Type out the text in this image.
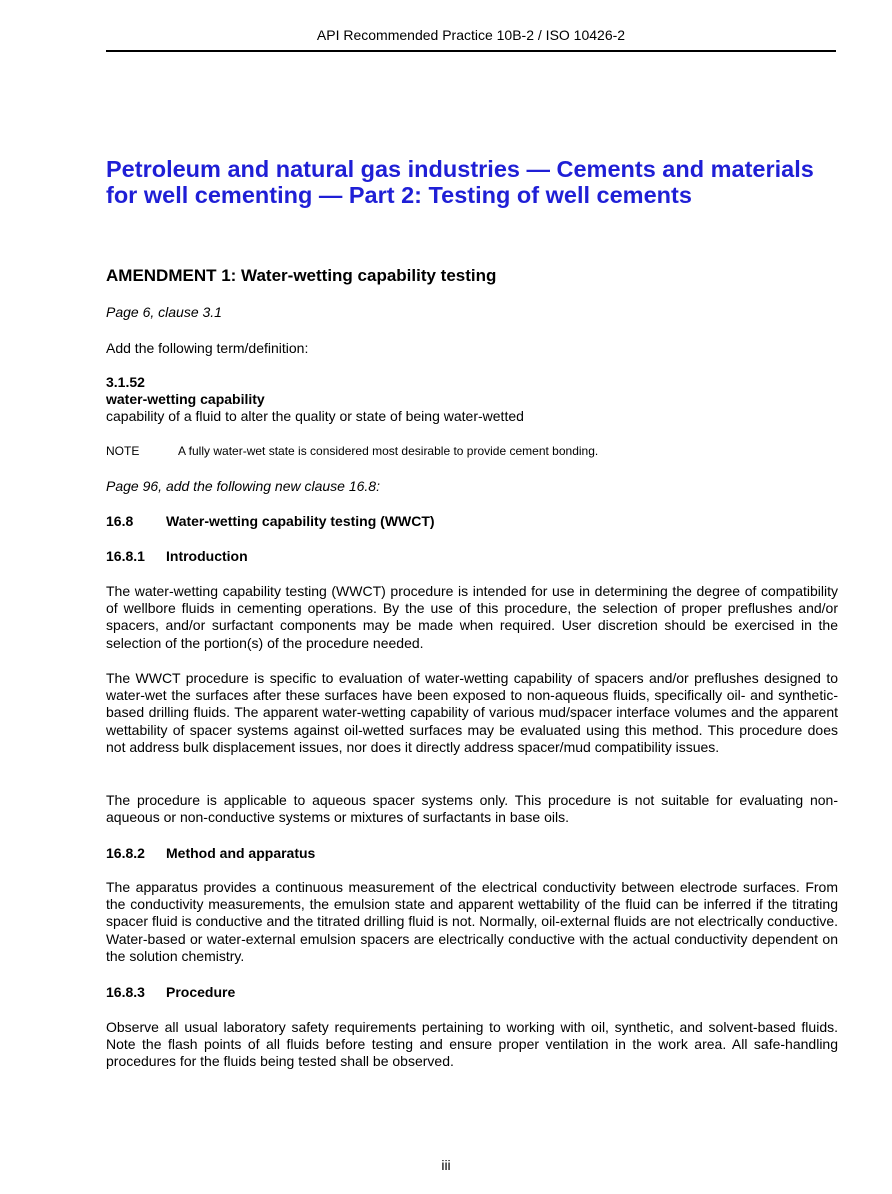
API Recommended Practice 10B-2 / ISO 10426-2
Petroleum and natural gas industries — Cements and materials for well cementing — Part 2: Testing of well cements

AMENDMENT 1: Water-wetting capability testing

Page 6, clause 3.1

Add the following term/definition:

3.1.52
water-wetting capability
capability of a fluid to alter the quality or state of being water-wetted

NOTE	A fully water-wet state is considered most desirable to provide cement bonding.

Page 96, add the following new clause 16.8:

16.8 Water-wetting capability testing (WWCT)

16.8.1 Introduction

The water-wetting capability testing (WWCT) procedure is intended for use in determining the degree of compatibility of wellbore fluids in cementing operations. By the use of this procedure, the selection of proper preflushes and/or spacers, and/or surfactant components may be made when required. User discretion should be exercised in the selection of the portion(s) of the procedure needed.

The WWCT procedure is specific to evaluation of water-wetting capability of spacers and/or preflushes designed to water-wet the surfaces after these surfaces have been exposed to non-aqueous fluids, specifically oil- and synthetic-based drilling fluids. The apparent water-wetting capability of various mud/spacer interface volumes and the apparent wettability of spacer systems against oil-wetted surfaces may be evaluated using this method. This procedure does not address bulk displacement issues, nor does it directly address spacer/mud compatibility issues.

The procedure is applicable to aqueous spacer systems only. This procedure is not suitable for evaluating non-aqueous or non-conductive systems or mixtures of surfactants in base oils.

16.8.2 Method and apparatus

The apparatus provides a continuous measurement of the electrical conductivity between electrode surfaces. From the conductivity measurements, the emulsion state and apparent wettability of the fluid can be inferred if the titrating spacer fluid is conductive and the titrated drilling fluid is not. Normally, oil-external fluids are not electrically conductive. Water-based or water-external emulsion spacers are electrically conductive with the actual conductivity dependent on the solution chemistry.

16.8.3 Procedure

Observe all usual laboratory safety requirements pertaining to working with oil, synthetic, and solvent-based fluids. Note the flash points of all fluids before testing and ensure proper ventilation in the work area. All safe-handling procedures for the fluids being tested shall be observed.

iii
